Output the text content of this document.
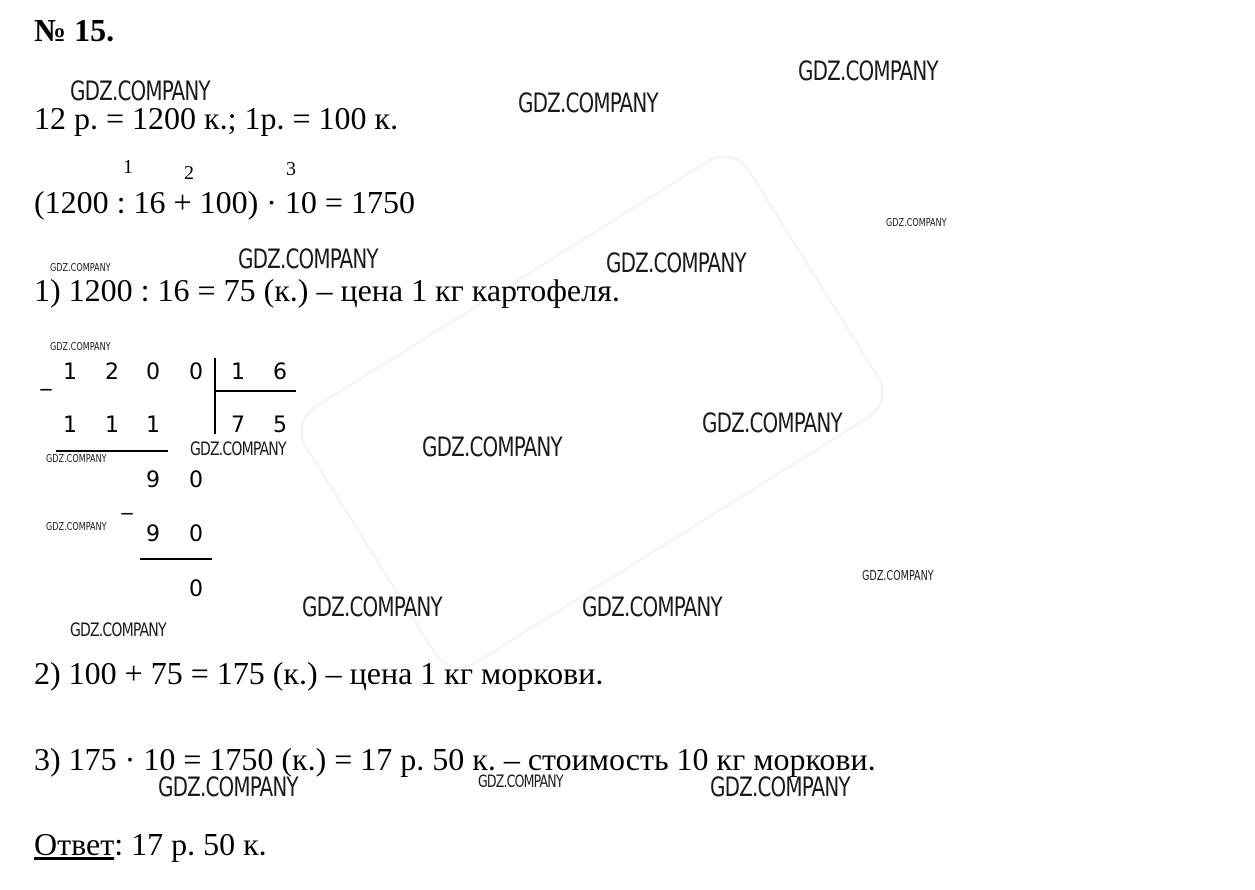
№ 15.
12 р. = 1200 к.; 1р. = 100 к.
1	2	3
(1200 : 16 + 100) · 10 = 1750
1) 1200 : 16 = 75 (к.) – цена 1 кг картофеля.
_ 1 2 0 0 1 6
7 5
1 1 1
9 0
_
9 0
0
2) 100 + 75 = 175 (к.) – цена 1 кг моркови.
3) 175 · 10 = 1750 (к.) = 17 р. 50 к. – стоимость 10 кг моркови.
Ответ: 17 р. 50 к.
GDZ.COMPANY	GDZ.COMPANY
GDZ.COMPANY
GDZ.COMPANY	GDZ.COMPANY
GDZ.COMPANY
GDZ.COMPANY
GDZ.COMPANY	GDZ.COMPANY
GDZ.COMPANY	GDZ.COMPANY
GDZ.COMPANY
GDZ.COMPANY
GDZ.COMPANY
GDZ.COMPANY
GDZ.COMPANY
GDZ.COMPANY
GDZ.COMPANY
GDZ.COMPANY
GDZ.COMPANY
